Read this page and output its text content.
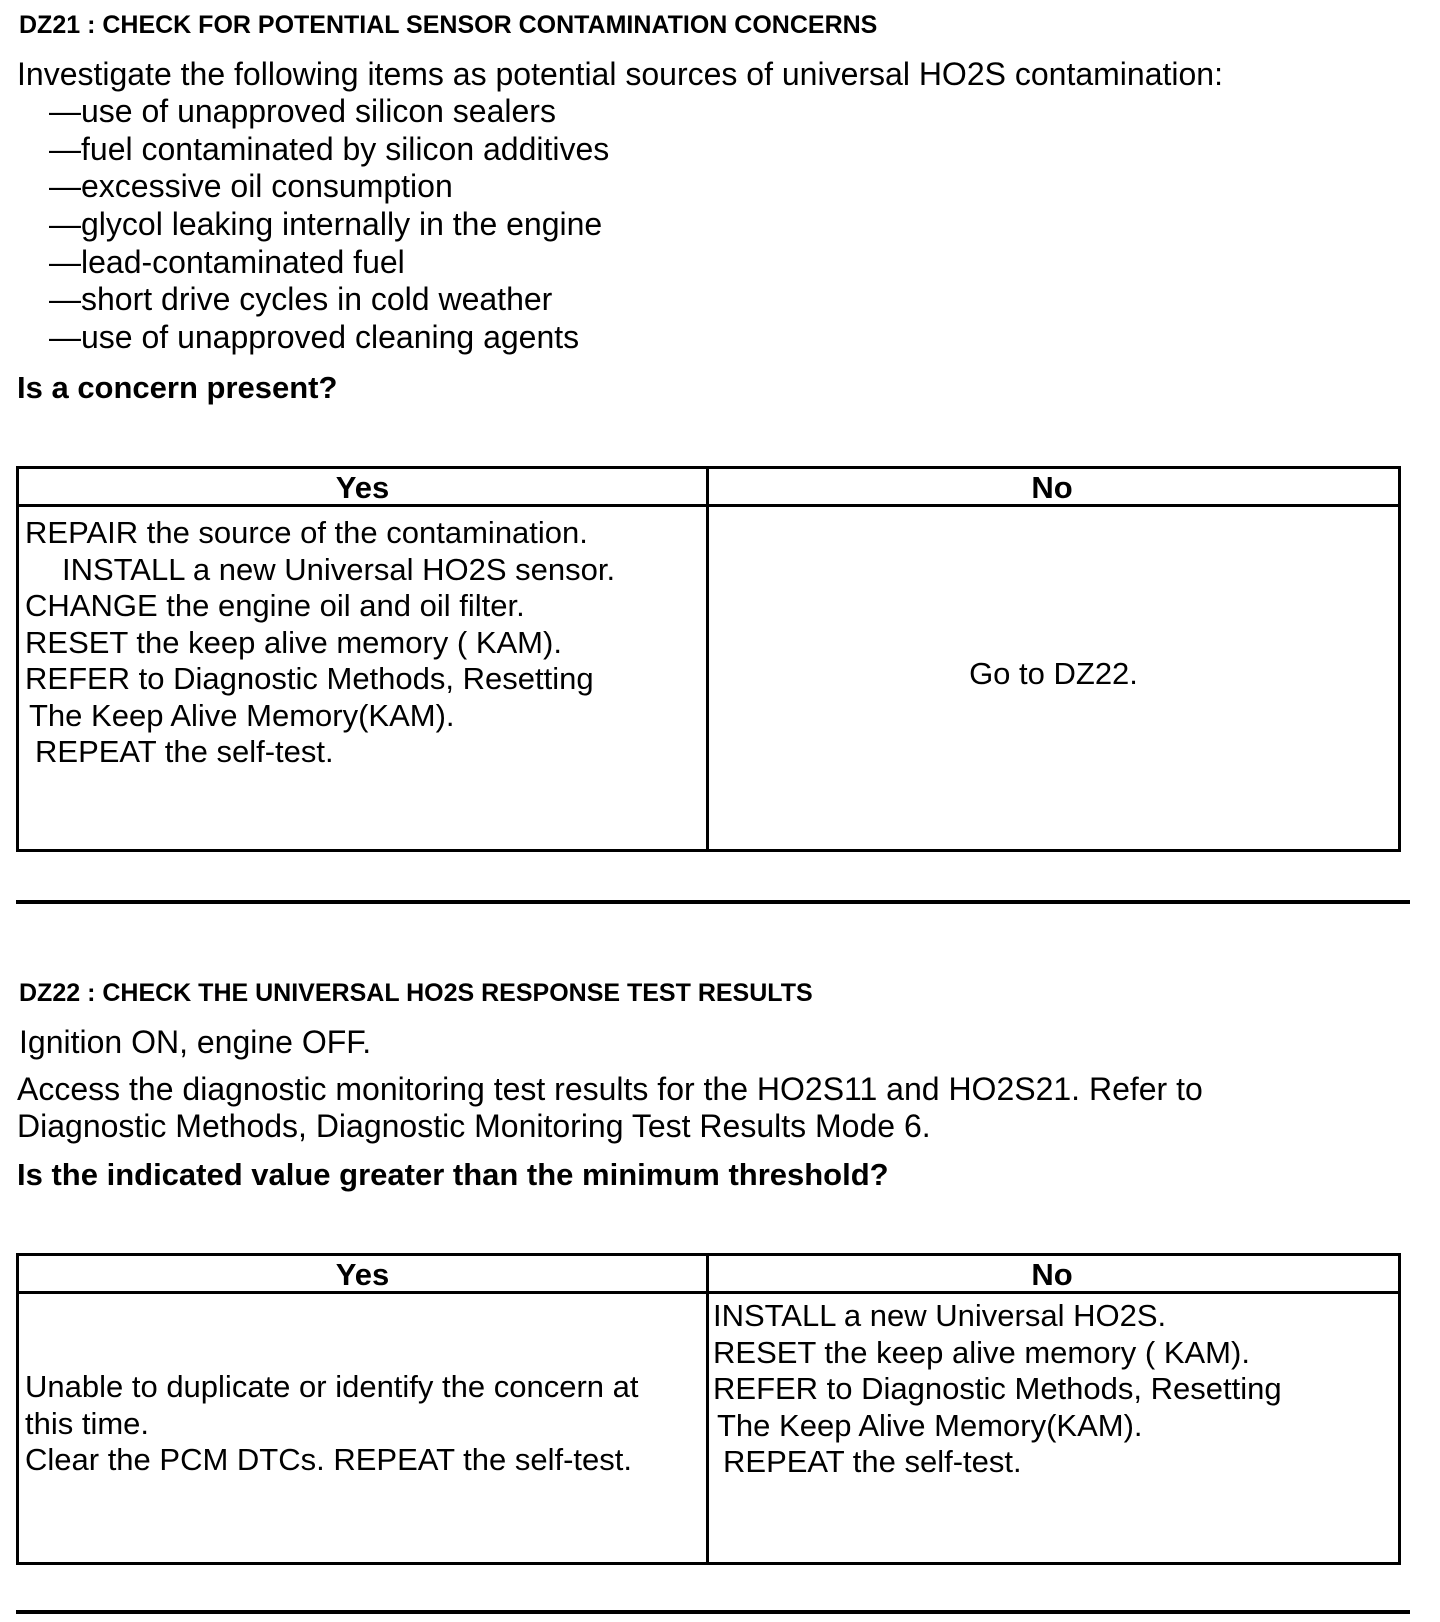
DZ21 : CHECK FOR POTENTIAL SENSOR CONTAMINATION CONCERNS
Investigate the following items as potential sources of universal HO2S contamination:
—use of unapproved silicon sealers
—fuel contaminated by silicon additives
—excessive oil consumption
—glycol leaking internally in the engine
—lead-contaminated fuel
—short drive cycles in cold weather
—use of unapproved cleaning agents
Is a concern present?
Yes	No
REPAIR the source of the contamination.
INSTALL a new Universal HO2S sensor.
CHANGE the engine oil and oil filter.
RESET the keep alive memory ( KAM).
REFER to Diagnostic Methods, Resetting
The Keep Alive Memory(KAM).
REPEAT the self-test.
Go to DZ22.
DZ22 : CHECK THE UNIVERSAL HO2S RESPONSE TEST RESULTS
Ignition ON, engine OFF.
Access the diagnostic monitoring test results for the HO2S11 and HO2S21. Refer to
Diagnostic Methods, Diagnostic Monitoring Test Results Mode 6.
Is the indicated value greater than the minimum threshold?
Yes	No
Unable to duplicate or identify the concern at
this time.
Clear the PCM DTCs. REPEAT the self-test.
INSTALL a new Universal HO2S.
RESET the keep alive memory ( KAM).
REFER to Diagnostic Methods, Resetting
The Keep Alive Memory(KAM).
REPEAT the self-test.
